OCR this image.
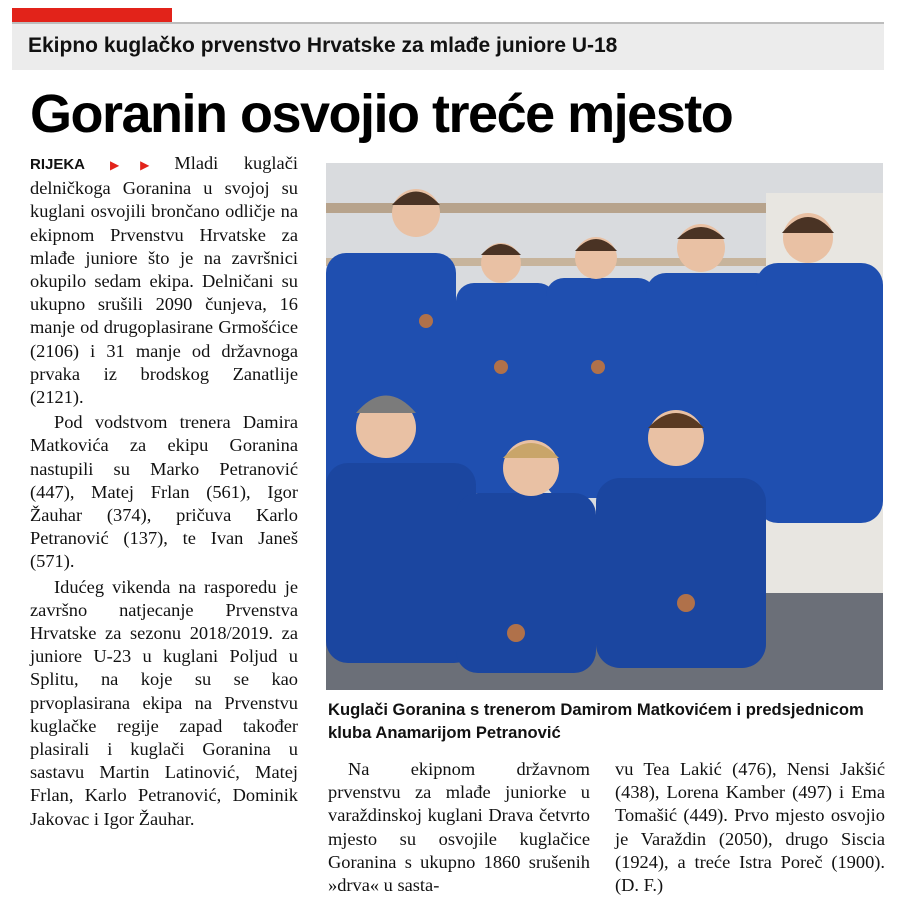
Ekipno kuglačko prvenstvo Hrvatske za mlađe juniore U-18
Goranin osvojio treće mjesto

RIJEKA ▶▶ Mladi kuglači delničkoga Goranina u svojoj su kuglani osvojili brončano odličje na ekipnom Prvenstvu Hrvatske za mlađe juniore što je na završnici okupilo sedam ekipa. Delničani su ukupno srušili 2090 čunjeva, 16 manje od drugoplasirane Grmošćice (2106) i 31 manje od državnoga prvaka iz brodskog Zanatlije (2121).

Pod vodstvom trenera Damira Matkovića za ekipu Goranina nastupili su Marko Petranović (447), Matej Frlan (561), Igor Žauhar (374), pričuva Karlo Petranović (137), te Ivan Janeš (571).

Idućeg vikenda na rasporedu je završno natjecanje Prvenstva Hrvatske za sezonu 2018/2019. za juniore U-23 u kuglani Poljud u Splitu, na koje su se kao prvoplasirana ekipa na Prvenstvu kuglačke regije zapad također plasirali i kuglači Goranina u sastavu Martin Latinović, Matej Frlan, Karlo Petranović, Dominik Jakovac i Igor Žauhar.

Kuglači Goranina s trenerom Damirom Matkovićem i predsjednicom kluba Anamarijom Petranović
Na ekipnom državnom prvenstvu za mlađe juniorke u varaždinskoj kuglani Drava četvrto mjesto su osvojile kuglačice Goranina s ukupno 1860 srušenih »drva« u sasta-
vu Tea Lakić (476), Nensi Jakšić (438), Lorena Kamber (497) i Ema Tomašić (449). Prvo mjesto osvojio je Varaždin (2050), drugo Siscia (1924), a treće Istra Poreč (1900). (D. F.)
